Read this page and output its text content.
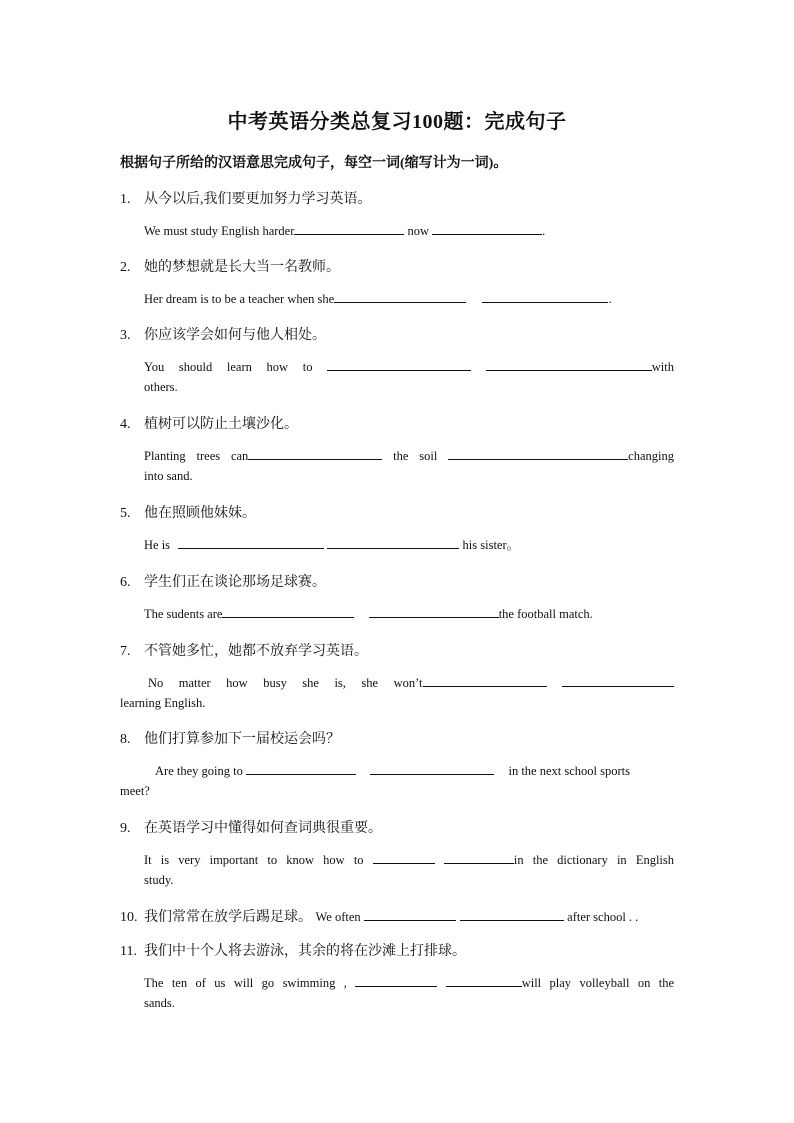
中考英语分类总复习100题：完成句子
根据句子所给的汉语意思完成句子，每空一词(缩写计为一词)。
1. 从今以后,我们要更加努力学习英语。
We must study English harder	now	.
2. 她的梦想就是长大当一名教师。
Her dream is to be a teacher when she	.
3. 你应该学会如何与他人相处。
You should learn how to	with
others.
4. 植树可以防止土壤沙化。
Planting trees can	the soil	changing
into sand.
5. 他在照顾他妹妹。
He is	his sister。
6. 学生们正在谈论那场足球赛。
The sudents are	the football match.
7. 不管她多忙，她都不放弃学习英语。
No matter how busy she is, she won’t
learning English.
8. 他们打算参加下一届校运会吗？
Are they going to	in the next school sports
meet?
9. 在英语学习中懂得如何查词典很重要。
It is very important to know how to	in the dictionary in English
study.
10. 我们常常在放学后踢足球。 We often	after school . .
11. 我们中十个人将去游泳，其余的将在沙滩上打排球。
The ten of us will go swimming ,	will play volleyball on the
sands.
